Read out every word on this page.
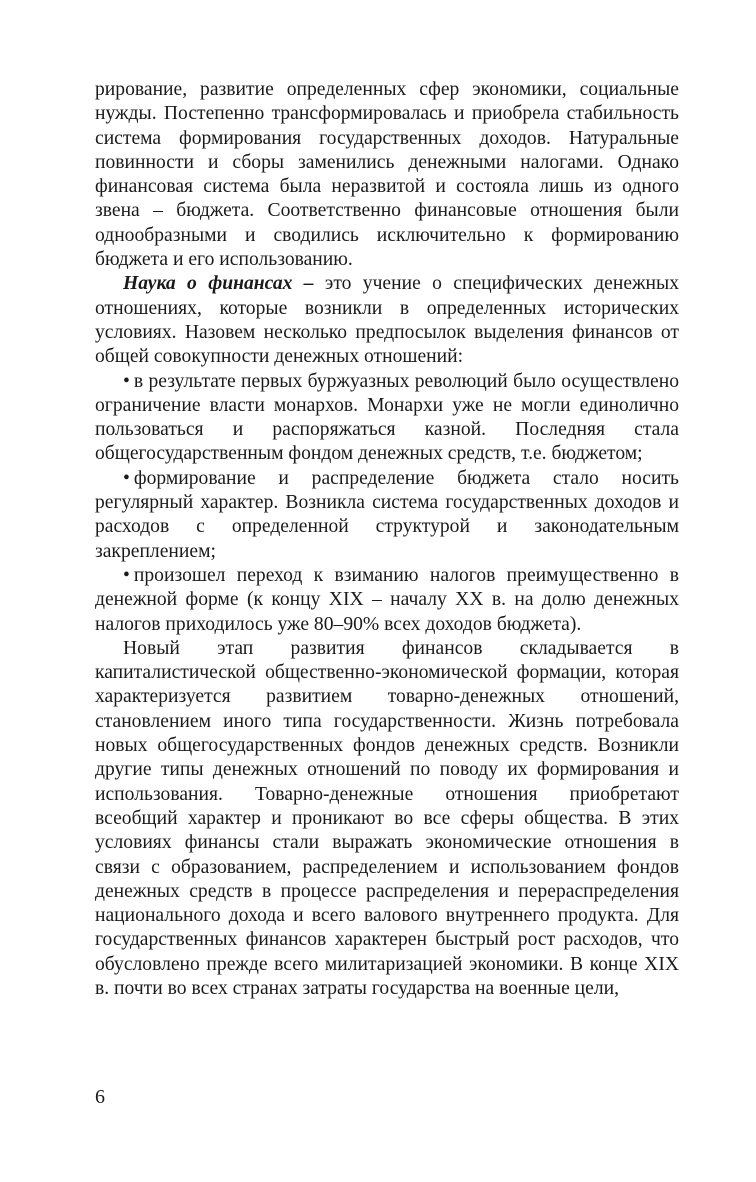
рирование, развитие определенных сфер экономики, социальные нужды. Постепенно трансформировалась и приобрела стабильность система формирования государственных доходов. Натуральные повинности и сборы заменились денежными налогами. Однако финансовая система была неразвитой и состояла лишь из одного звена – бюджета. Соответственно финансовые отношения были однообразными и сводились исключительно к формированию бюджета и его использованию.

Наука о финансах – это учение о специфических денежных отношениях, которые возникли в определенных исторических условиях. Назовем несколько предпосылок выделения финансов от общей совокупности денежных отношений:

• в результате первых буржуазных революций было осуществлено ограничение власти монархов. Монархи уже не могли единолично пользоваться и распоряжаться казной. Последняя стала общегосударственным фондом денежных средств, т.е. бюджетом;

• формирование и распределение бюджета стало носить регулярный характер. Возникла система государственных доходов и расходов с определенной структурой и законодательным закреплением;

• произошел переход к взиманию налогов преимущественно в денежной форме (к концу XIX – началу XX в. на долю денежных налогов приходилось уже 80–90% всех доходов бюджета).

Новый этап развития финансов складывается в капиталистической общественно-экономической формации, которая характеризуется развитием товарно-денежных отношений, становлением иного типа государственности. Жизнь потребовала новых общегосударственных фондов денежных средств. Возникли другие типы денежных отношений по поводу их формирования и использования. Товарно-денежные отношения приобретают всеобщий характер и проникают во все сферы общества. В этих условиях финансы стали выражать экономические отношения в связи с образованием, распределением и использованием фондов денежных средств в процессе распределения и перераспределения национального дохода и всего валового внутреннего продукта. Для государственных финансов характерен быстрый рост расходов, что обусловлено прежде всего милитаризацией экономики. В конце XIX в. почти во всех странах затраты государства на военные цели,

6
